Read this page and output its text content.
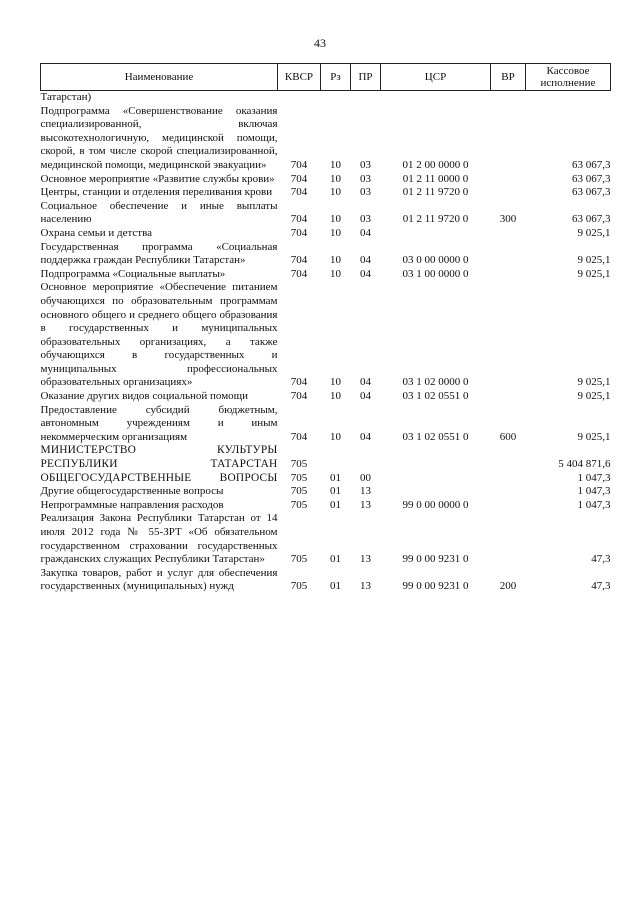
43
Наименование	КВСР	Рз	ПР	ЦСР	ВР	Кассовое исполнение
Татарстан)						
Подпрограмма «Совершенствование оказания специализированной, включая высокотехнологичную, медицинской помощи, скорой, в том числе скорой специализированной, медицинской помощи, медицинской эвакуации»	704	10	03	01 2 00 0000 0		63 067,3
Основное мероприятие «Развитие службы крови»	704	10	03	01 2 11 0000 0		63 067,3
Центры, станции и отделения переливания крови	704	10	03	01 2 11 9720 0		63 067,3
Социальное обеспечение и иные выплаты населению	704	10	03	01 2 11 9720 0	300	63 067,3
Охрана семьи и детства	704	10	04			9 025,1
Государственная программа «Социальная поддержка граждан Республики Татарстан»	704	10	04	03 0 00 0000 0		9 025,1
Подпрограмма «Социальные выплаты»	704	10	04	03 1 00 0000 0		9 025,1
Основное мероприятие «Обеспечение питанием обучающихся по образовательным программам основного общего и среднего общего образования в государственных и муниципальных образовательных организациях, а также обучающихся в государственных и муниципальных профессиональных образовательных организациях»	704	10	04	03 1 02 0000 0		9 025,1
Оказание других видов социальной помощи	704	10	04	03 1 02 0551 0		9 025,1
Предоставление субсидий бюджетным, автономным учреждениям и иным некоммерческим организациям	704	10	04	03 1 02 0551 0	600	9 025,1
МИНИСТЕРСТВО КУЛЬТУРЫ РЕСПУБЛИКИ ТАТАРСТАН	705					5 404 871,6
ОБЩЕГОСУДАРСТВЕННЫЕ ВОПРОСЫ	705	01	00			1 047,3
Другие общегосударственные вопросы	705	01	13			1 047,3
Непрограммные направления расходов	705	01	13	99 0 00 0000 0		1 047,3
Реализация Закона Республики Татарстан от 14 июля 2012 года № 55-ЗРТ «Об обязательном государственном страховании государственных гражданских служащих Республики Татарстан»	705	01	13	99 0 00 9231 0		47,3
Закупка товаров, работ и услуг для обеспечения государственных (муниципальных) нужд	705	01	13	99 0 00 9231 0	200	47,3
